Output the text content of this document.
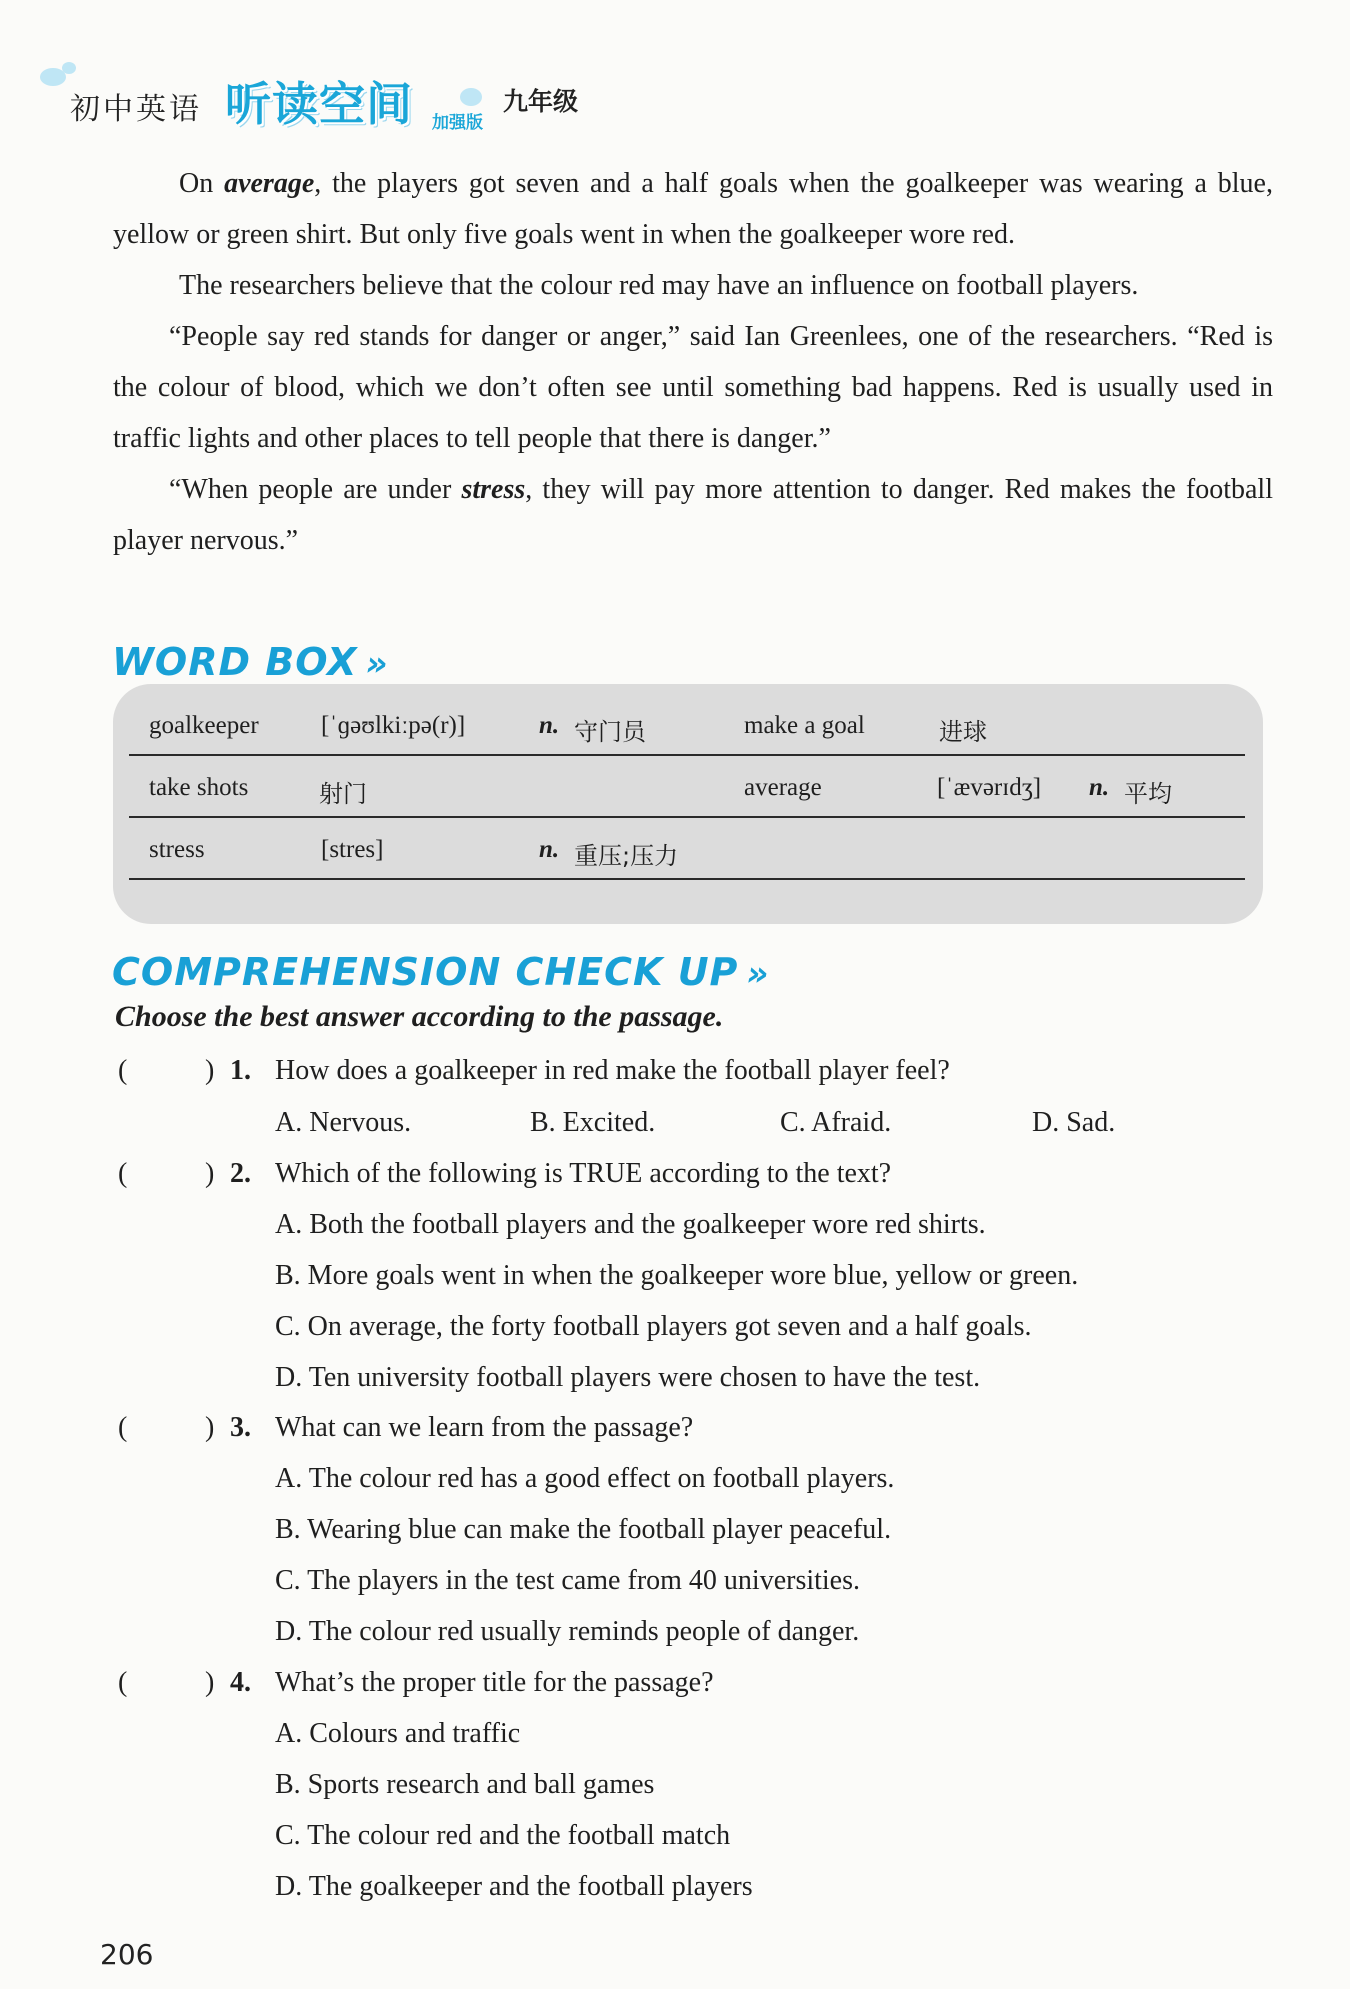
初中英语 听读空间 加强版
九年级

On average, the players got seven and a half goals when the goalkeeper was wearing a blue, yellow or green shirt. But only five goals went in when the goalkeeper wore red.

The researchers believe that the colour red may have an influence on football players.

“People say red stands for danger or anger,” said Ian Greenlees, one of the researchers. “Red is the colour of blood, which we don’t often see until something bad happens. Red is usually used in traffic lights and other places to tell people that there is danger.”

“When people are under stress, they will pay more attention to danger. Red makes the football player nervous.”

WORD BOX »
goalkeeper [ˈɡəʊlkiːpə(r)]	n. 守门员	make a goal	进球
take shots	射门	average	[ˈævərɪdʒ] n. 平均
stress	[stres]	n. 重压;压力
COMPREHENSION CHECK UP »
Choose the best answer according to the passage.
(	) 1. How does a goalkeeper in red make the football player feel?
A. Nervous.	B. Excited.	C. Afraid.	D. Sad.
(	) 2. Which of the following is TRUE according to the text?
A. Both the football players and the goalkeeper wore red shirts.
B. More goals went in when the goalkeeper wore blue, yellow or green.
C. On average, the forty football players got seven and a half goals.
D. Ten university football players were chosen to have the test.
(	) 3. What can we learn from the passage?
A. The colour red has a good effect on football players.
B. Wearing blue can make the football player peaceful.
C. The players in the test came from 40 universities.
D. The colour red usually reminds people of danger.
(	) 4. What’s the proper title for the passage?
A. Colours and traffic
B. Sports research and ball games
C. The colour red and the football match
D. The goalkeeper and the football players
206
